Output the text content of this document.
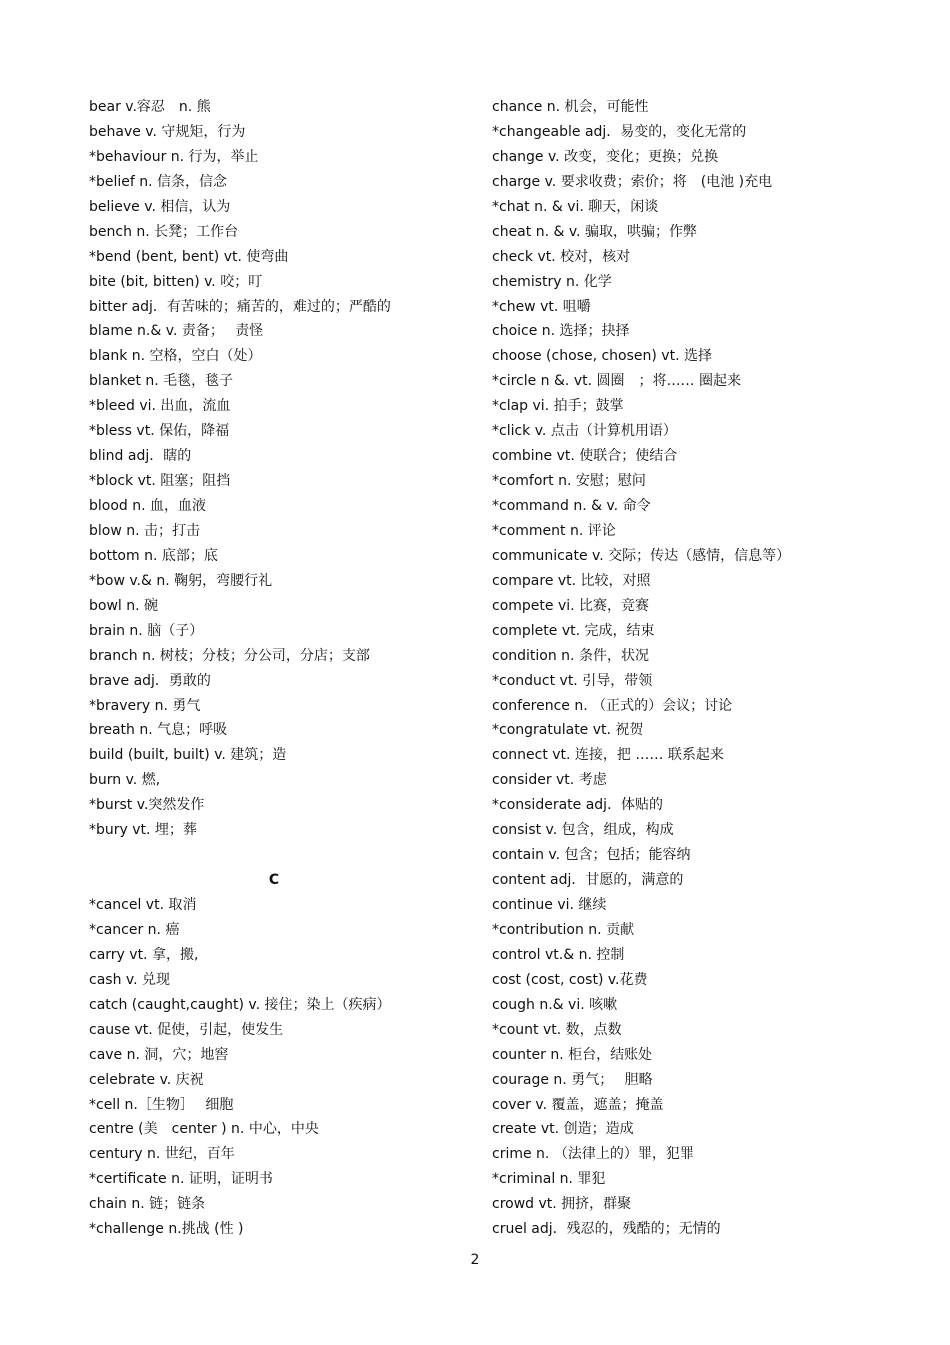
bear v.容忍　n. 熊
behave v. 守规矩，行为
*behaviour n. 行为，举止
*belief n. 信条，信念
believe v. 相信，认为
bench n. 长凳；工作台
*bend (bent, bent) vt. 使弯曲
bite (bit, bitten) v. 咬；叮
bitter adj．有苦味的；痛苦的，难过的；严酷的
blame n.& v. 责备；　 责怪
blank n. 空格，空白（处）
blanket n. 毛毯，毯子
*bleed vi. 出血，流血
*bless vt. 保佑，降福
blind adj．瞎的
*block vt. 阻塞；阻挡
blood n. 血，血液
blow n. 击；打击
bottom n. 底部；底
*bow v.& n. 鞠躬，弯腰行礼
bowl n. 碗
brain n. 脑（子）
branch n. 树枝；分枝；分公司，分店；支部
brave adj．勇敢的
*bravery n. 勇气
breath n. 气息；呼吸
build (built, built) v. 建筑；造
burn v. 燃,
*burst v.突然发作
*bury vt. 埋；葬
C
*cancel vt. 取消
*cancer n. 癌
carry vt. 拿，搬,
cash v. 兑现
catch (caught,caught) v. 接住；染上（疾病）
cause vt. 促使，引起，使发生
cave n. 洞，穴；地窖
celebrate v. 庆祝
*cell n.［生物］　 细胞
centre (美　center ) n. 中心，中央
century n. 世纪，百年
*certificate n. 证明，证明书
chain n. 链；链条
*challenge n.挑战 (性 )
chance n. 机会，可能性
*changeable adj．易变的，变化无常的
change v. 改变，变化；更换；兑换
charge v. 要求收费；索价；将　(电池 )充电
*chat n. & vi. 聊天，闲谈
cheat n. & v. 骗取，哄骗；作弊
check vt. 校对，核对
chemistry n. 化学
*chew vt. 咀嚼
choice n. 选择；抉择
choose (chose, chosen) vt. 选择
*circle n &. vt. 圆圈　；将…… 圈起来
*clap vi. 拍手；鼓掌
*click v. 点击（计算机用语）
combine vt. 使联合；使结合
*comfort n. 安慰；慰问
*command n. & v. 命令
*comment n. 评论
communicate v. 交际；传达（感情，信息等）
compare vt. 比较，对照
compete vi. 比赛，竞赛
complete vt. 完成，结束
condition n. 条件，状况
*conduct vt. 引导，带领
conference n. （正式的）会议；讨论
*congratulate vt. 祝贺
connect vt. 连接，把 …… 联系起来
consider vt. 考虑
*considerate adj．体贴的
consist v. 包含，组成，构成
contain v. 包含；包括；能容纳
content adj．甘愿的，满意的
continue vi. 继续
*contribution n. 贡献
control vt.& n. 控制
cost (cost, cost) v.花费
cough n.& vi. 咳嗽
*count vt. 数，点数
counter n. 柜台，结账处
courage n. 勇气；　 胆略
cover v. 覆盖，遮盖；掩盖
create vt. 创造；造成
crime n. （法律上的）罪，犯罪
*criminal n. 罪犯
crowd vt. 拥挤，群聚
cruel adj．残忍的，残酷的；无情的
2
